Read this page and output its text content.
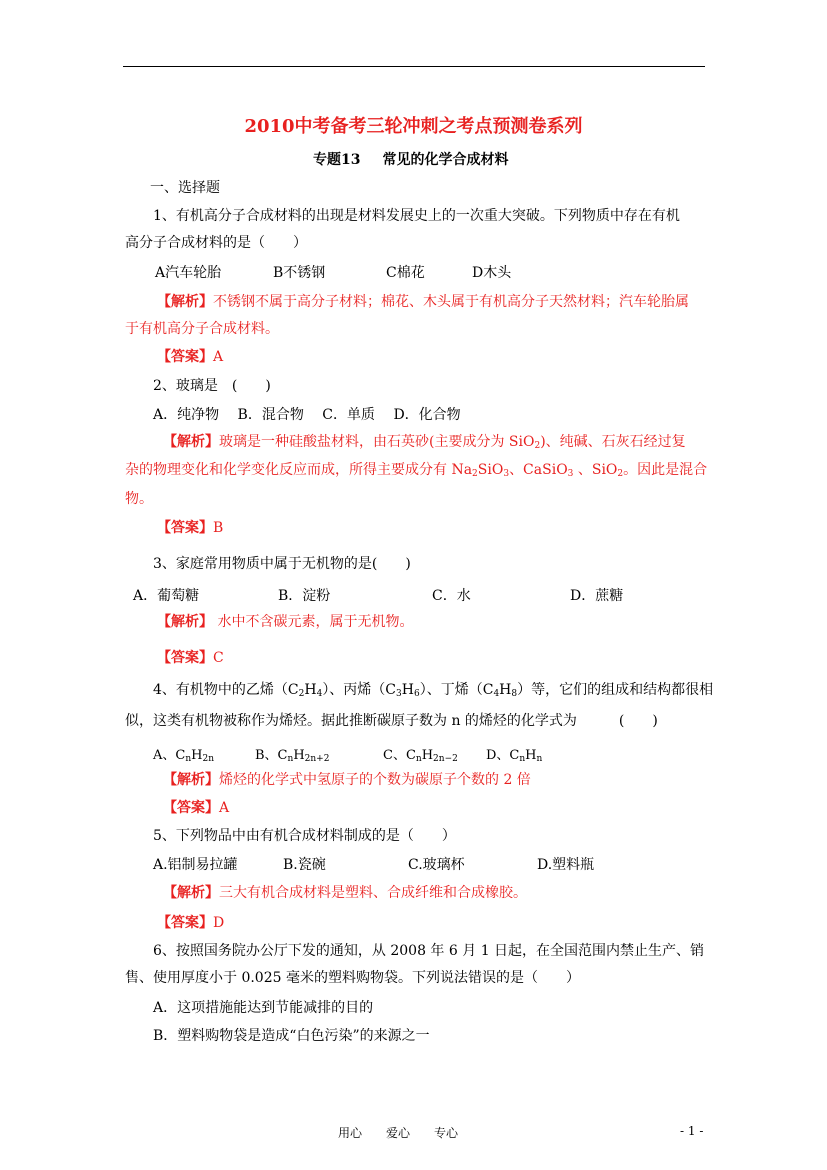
2010中考备考三轮冲刺之考点预测卷系列
专题13 常见的化学合成材料
一、选择题
1、有机高分子合成材料的出现是材料发展史上的一次重大突破。下列物质中存在有机
高分子合成材料的是（　　）
A汽车轮胎	B不锈钢	C棉花	D木头
【解析】不锈钢不属于高分子材料；棉花、木头属于有机高分子天然材料；汽车轮胎属
于有机高分子合成材料。
【答案】A
2、玻璃是　(　　)
A．纯净物　 B．混合物　 C．单质　 D．化合物
【解析】玻璃是一种硅酸盐材料，由石英砂(主要成分为 SiO$_2$)、纯碱、石灰石经过复
杂的物理变化和化学变化反应而成，所得主要成分有 $Na_2SiO_3$、CaSiO$_3$ 、SiO$_2$。因此是混合
物。
【答案】B
3、家庭常用物质中属于无机物的是(　　)
A．葡萄糖	B．淀粉	C．水	D．蔗糖
【解析】 水中不含碳元素，属于无机物。
【答案】C
4、有机物中的乙烯$(C_2H_4)$、丙烯$(C_3H_6)$、丁烯$(C_4H_8)$等，它们的组成和结构都很相
似，这类有机物被称作为烯烃。据此推断碳原子数为 n 的烯烃的化学式为　　　(　　)
A、$C_nH_{2n}$	B、$C_nH_{2n+2}$	C、$C_nH_{2n-2}$ D、$C_nH_n$
【解析】烯烃的化学式中氢原子的个数为碳原子个数的 2 倍
【答案】A
5、下列物品中由有机合成材料制成的是（　　）
A.铝制易拉罐	B.瓷碗	C.玻璃杯	D.塑料瓶
【解析】三大有机合成材料是塑料、合成纤维和合成橡胶。
【答案】D
6、按照国务院办公厅下发的通知，从 2008 年 6 月 1 日起，在全国范围内禁止生产、销
售、使用厚度小于 0.025 毫米的塑料购物袋。下列说法错误的是（　　）
A．这项措施能达到节能减排的目的
B．塑料购物袋是造成“白色污染”的来源之一
用心　　爱心　　专心	- 1 -
